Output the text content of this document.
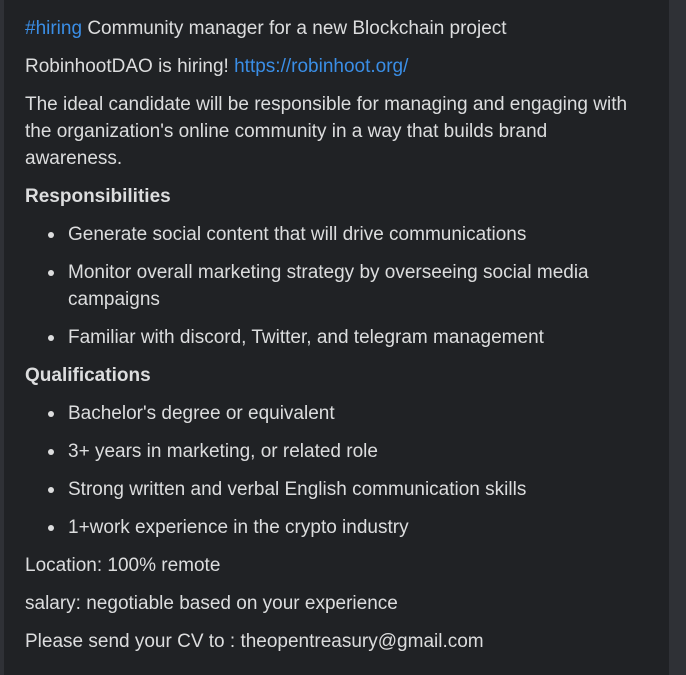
#hiring Community manager for a new Blockchain project

RobinhootDAO is hiring! https://robinhoot.org/

The ideal candidate will be responsible for managing and engaging with the organization's online community in a way that builds brand awareness.

Responsibilities
Generate social content that will drive communications
Monitor overall marketing strategy by overseeing social media campaigns
Familiar with discord, Twitter, and telegram management
Qualifications
Bachelor's degree or equivalent
3+ years in marketing, or related role
Strong written and verbal English communication skills
1+work experience in the crypto industry

Location: 100% remote

salary: negotiable based on your experience

Please send your CV to : theopentreasury@gmail.com
